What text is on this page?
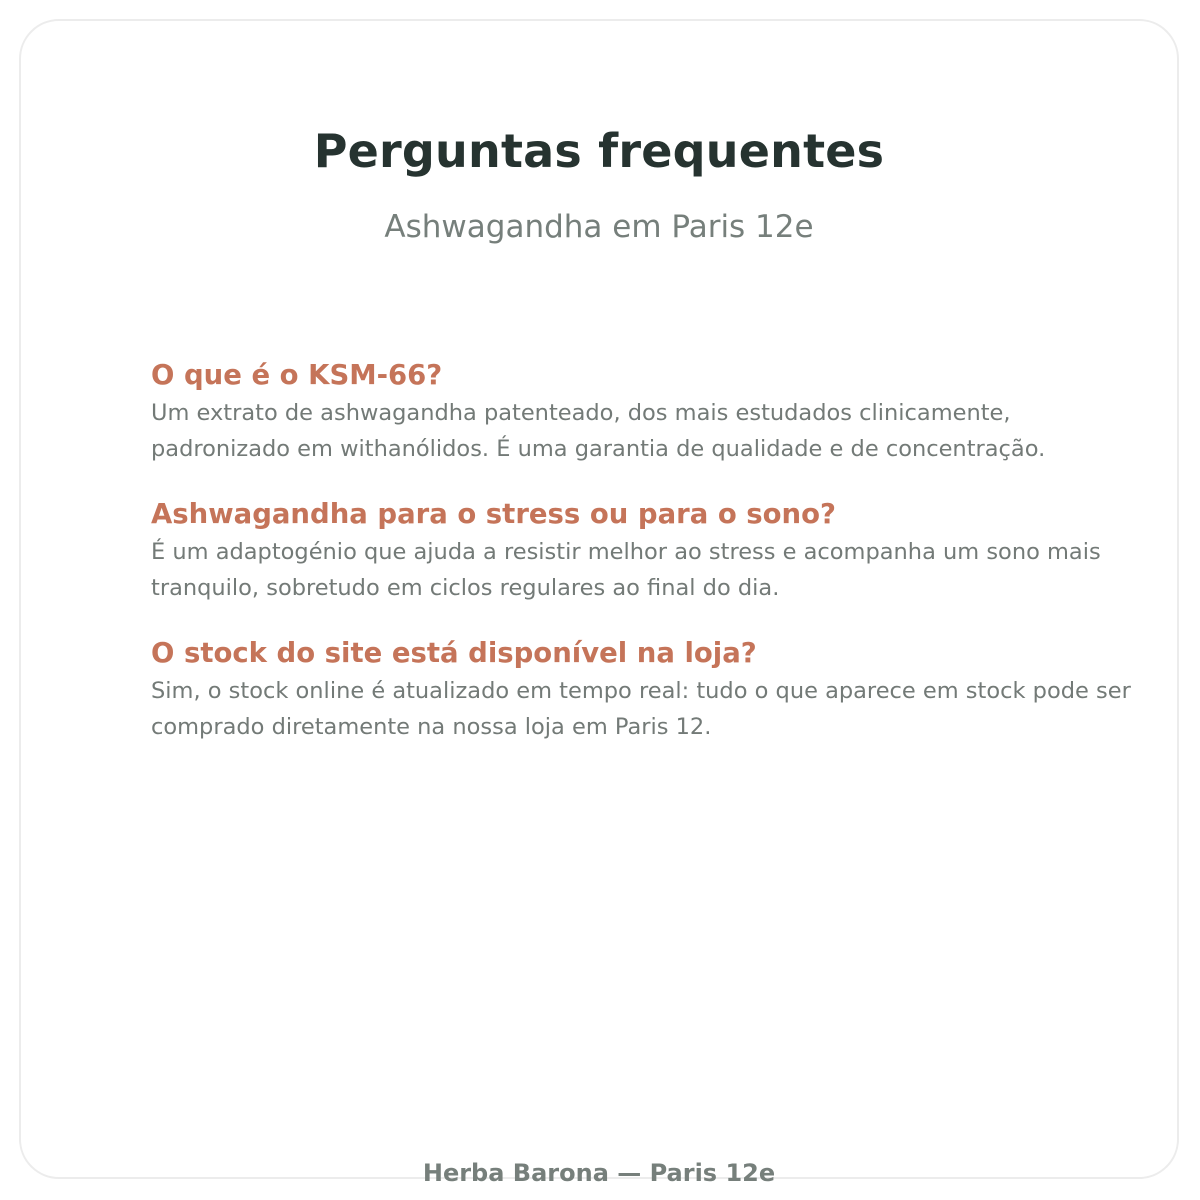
Perguntas frequentes

Ashwagandha em Paris 12e

O que é o KSM-66?

Um extrato de ashwagandha patenteado, dos mais estudados clinicamente, padronizado em withanólidos. É uma garantia de qualidade e de concentração.

Ashwagandha para o stress ou para o sono?

É um adaptogénio que ajuda a resistir melhor ao stress e acompanha um sono mais tranquilo, sobretudo em ciclos regulares ao final do dia.

O stock do site está disponível na loja?

Sim, o stock online é atualizado em tempo real: tudo o que aparece em stock pode ser comprado diretamente na nossa loja em Paris 12.

Herba Barona — Paris 12e
